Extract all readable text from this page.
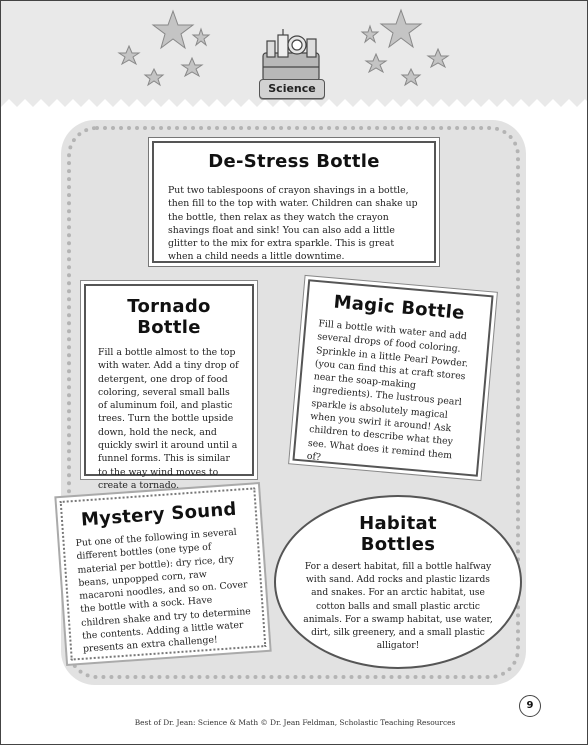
Science
De-Stress Bottle

Put two tablespoons of crayon shavings in a bottle, then fill to the top with water. Children can shake up the bottle, then relax as they watch the crayon shavings float and sink! You can also add a little glitter to the mix for extra sparkle. This is great when a child needs a little downtime.

Tornado Bottle

Fill a bottle almost to the top with water. Add a tiny drop of detergent, one drop of food coloring, several small balls of aluminum foil, and plastic trees. Turn the bottle upside down, hold the neck, and quickly swirl it around until a funnel forms. This is similar to the way wind moves to create a tornado.

Magic Bottle

Fill a bottle with water and add several drops of food coloring. Sprinkle in a little Pearl Powder. (you can find this at craft stores near the soap-making ingredients). The lustrous pearl sparkle is absolutely magical when you swirl it around! Ask children to describe what they see. What does it remind them of?

Mystery Sound

Put one of the following in several different bottles (one type of material per bottle): dry rice, dry beans, unpopped corn, raw macaroni noodles, and so on. Cover the bottle with a sock. Have children shake and try to determine the contents. Adding a little water presents an extra challenge!

Habitat
Bottles

For a desert habitat, fill a bottle halfway with sand. Add rocks and plastic lizards and snakes. For an arctic habitat, use cotton balls and small plastic arctic animals. For a swamp habitat, use water, dirt, silk greenery, and a small plastic alligator!

9
Best of Dr. Jean: Science & Math © Dr. Jean Feldman, Scholastic Teaching Resources
